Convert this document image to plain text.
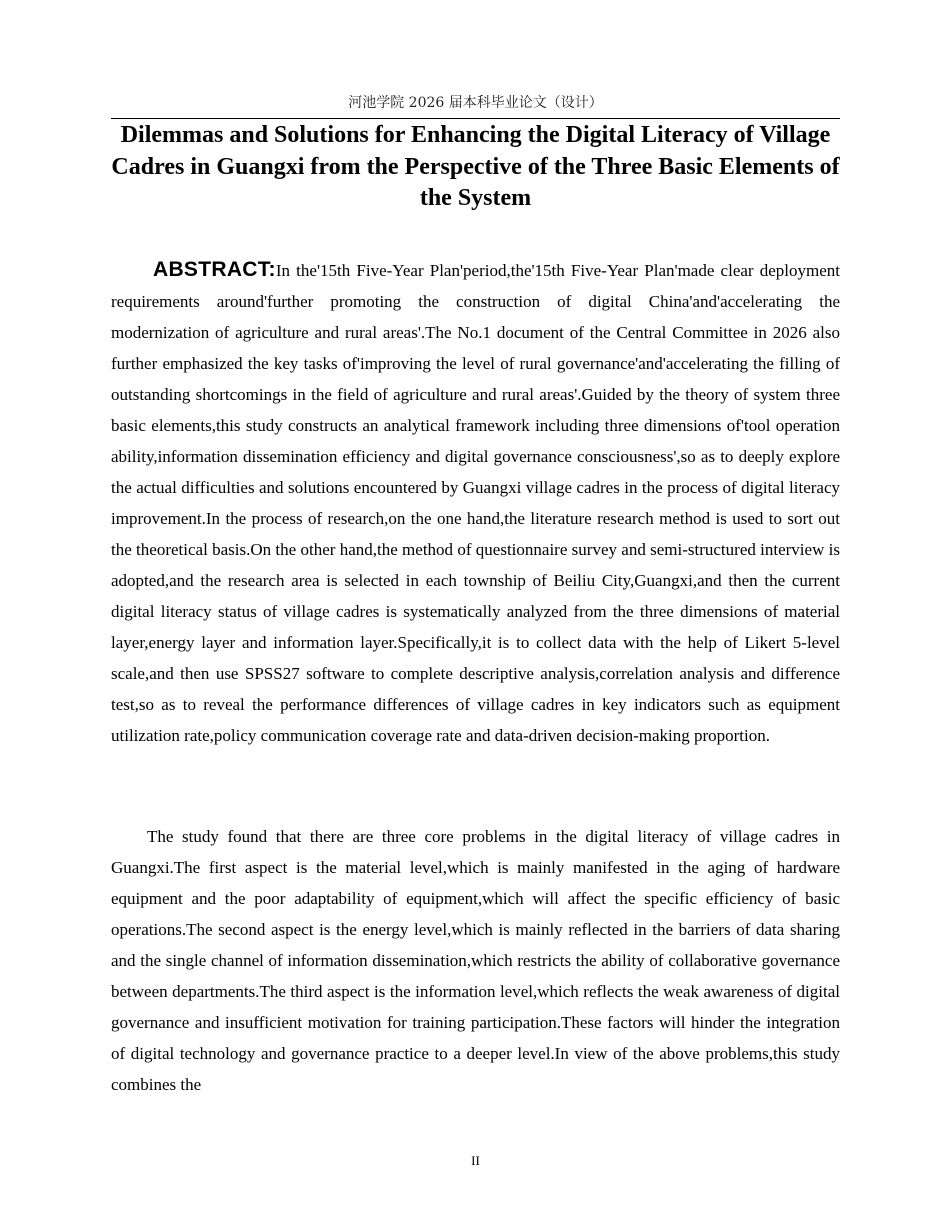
河池学院 2026 届本科毕业论文（设计）
Dilemmas and Solutions for Enhancing the Digital Literacy of Village Cadres in Guangxi from the Perspective of the Three Basic Elements of the System

ABSTRACT:In the'15th Five-Year Plan'period,the'15th Five-Year Plan'made clear deployment requirements around'further promoting the construction of digital China'and'accelerating the modernization of agriculture and rural areas'.The No.1 document of the Central Committee in 2026 also further emphasized the key tasks of'improving the level of rural governance'and'accelerating the filling of outstanding shortcomings in the field of agriculture and rural areas'.Guided by the theory of system three basic elements,this study constructs an analytical framework including three dimensions of'tool operation ability,information dissemination efficiency and digital governance consciousness',so as to deeply explore the actual difficulties and solutions encountered by Guangxi village cadres in the process of digital literacy improvement.In the process of research,on the one hand,the literature research method is used to sort out the theoretical basis.On the other hand,the method of questionnaire survey and semi-structured interview is adopted,and the research area is selected in each township of Beiliu City,Guangxi,and then the current digital literacy status of village cadres is systematically analyzed from the three dimensions of material layer,energy layer and information layer.Specifically,it is to collect data with the help of Likert 5-level scale,and then use SPSS27 software to complete descriptive analysis,correlation analysis and difference test,so as to reveal the performance differences of village cadres in key indicators such as equipment utilization rate,policy communication coverage rate and data-driven decision-making proportion.

The study found that there are three core problems in the digital literacy of village cadres in Guangxi.The first aspect is the material level,which is mainly manifested in the aging of hardware equipment and the poor adaptability of equipment,which will affect the specific efficiency of basic operations.The second aspect is the energy level,which is mainly reflected in the barriers of data sharing and the single channel of information dissemination,which restricts the ability of collaborative governance between departments.The third aspect is the information level,which reflects the weak awareness of digital governance and insufficient motivation for training participation.These factors will hinder the integration of digital technology and governance practice to a deeper level.In view of the above problems,this study combines the

II
